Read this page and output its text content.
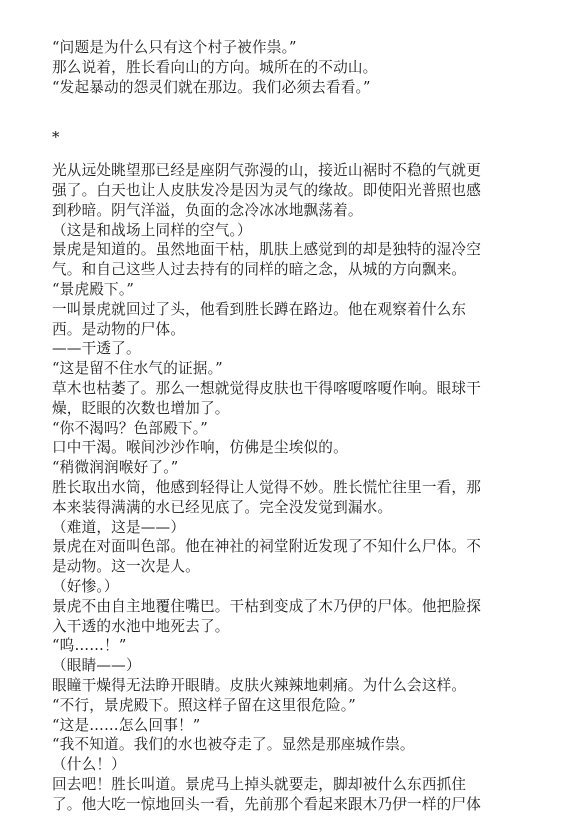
“问题是为什么只有这个村子被作祟。”
那么说着，胜长看向山的方向。城所在的不动山。
“发起暴动的怨灵们就在那边。我们必须去看看。”
*
光从远处眺望那已经是座阴气弥漫的山，接近山裾时不稳的气就更
强了。白天也让人皮肤发冷是因为灵气的缘故。即使阳光普照也感
到秒暗。阴气洋溢，负面的念冷冰冰地飘荡着。
（这是和战场上同样的空气。）
景虎是知道的。虽然地面干枯，肌肤上感觉到的却是独特的湿冷空
气。和自己这些人过去持有的同样的暗之念，从城的方向飘来。
“景虎殿下。”
一叫景虎就回过了头，他看到胜长蹲在路边。他在观察着什么东
西。是动物的尸体。
——干透了。
“这是留不住水气的证据。”
草木也枯萎了。那么一想就觉得皮肤也干得喀嗄喀嗄作响。眼球干
燥，眨眼的次数也增加了。
“你不渴吗？色部殿下。”
口中干渴。喉间沙沙作响，仿佛是尘埃似的。
“稍微润润喉好了。”
胜长取出水筒，他感到轻得让人觉得不妙。胜长慌忙往里一看，那
本来装得满满的水已经见底了。完全没发觉到漏水。
（难道，这是——）
景虎在对面叫色部。他在神社的祠堂附近发现了不知什么尸体。不
是动物。这一次是人。
（好惨。）
景虎不由自主地覆住嘴巴。干枯到变成了木乃伊的尸体。他把脸探
入干透的水池中地死去了。
“呜……！”
（眼睛——）
眼瞳干燥得无法睁开眼睛。皮肤火辣辣地刺痛。为什么会这样。
“不行，景虎殿下。照这样子留在这里很危险。”
“这是……怎么回事！”
“我不知道。我们的水也被夺走了。显然是那座城作祟。
（什么！）
回去吧！胜长叫道。景虎马上掉头就要走，脚却被什么东西抓住
了。他大吃一惊地回头一看，先前那个看起来跟木乃伊一样的尸体
